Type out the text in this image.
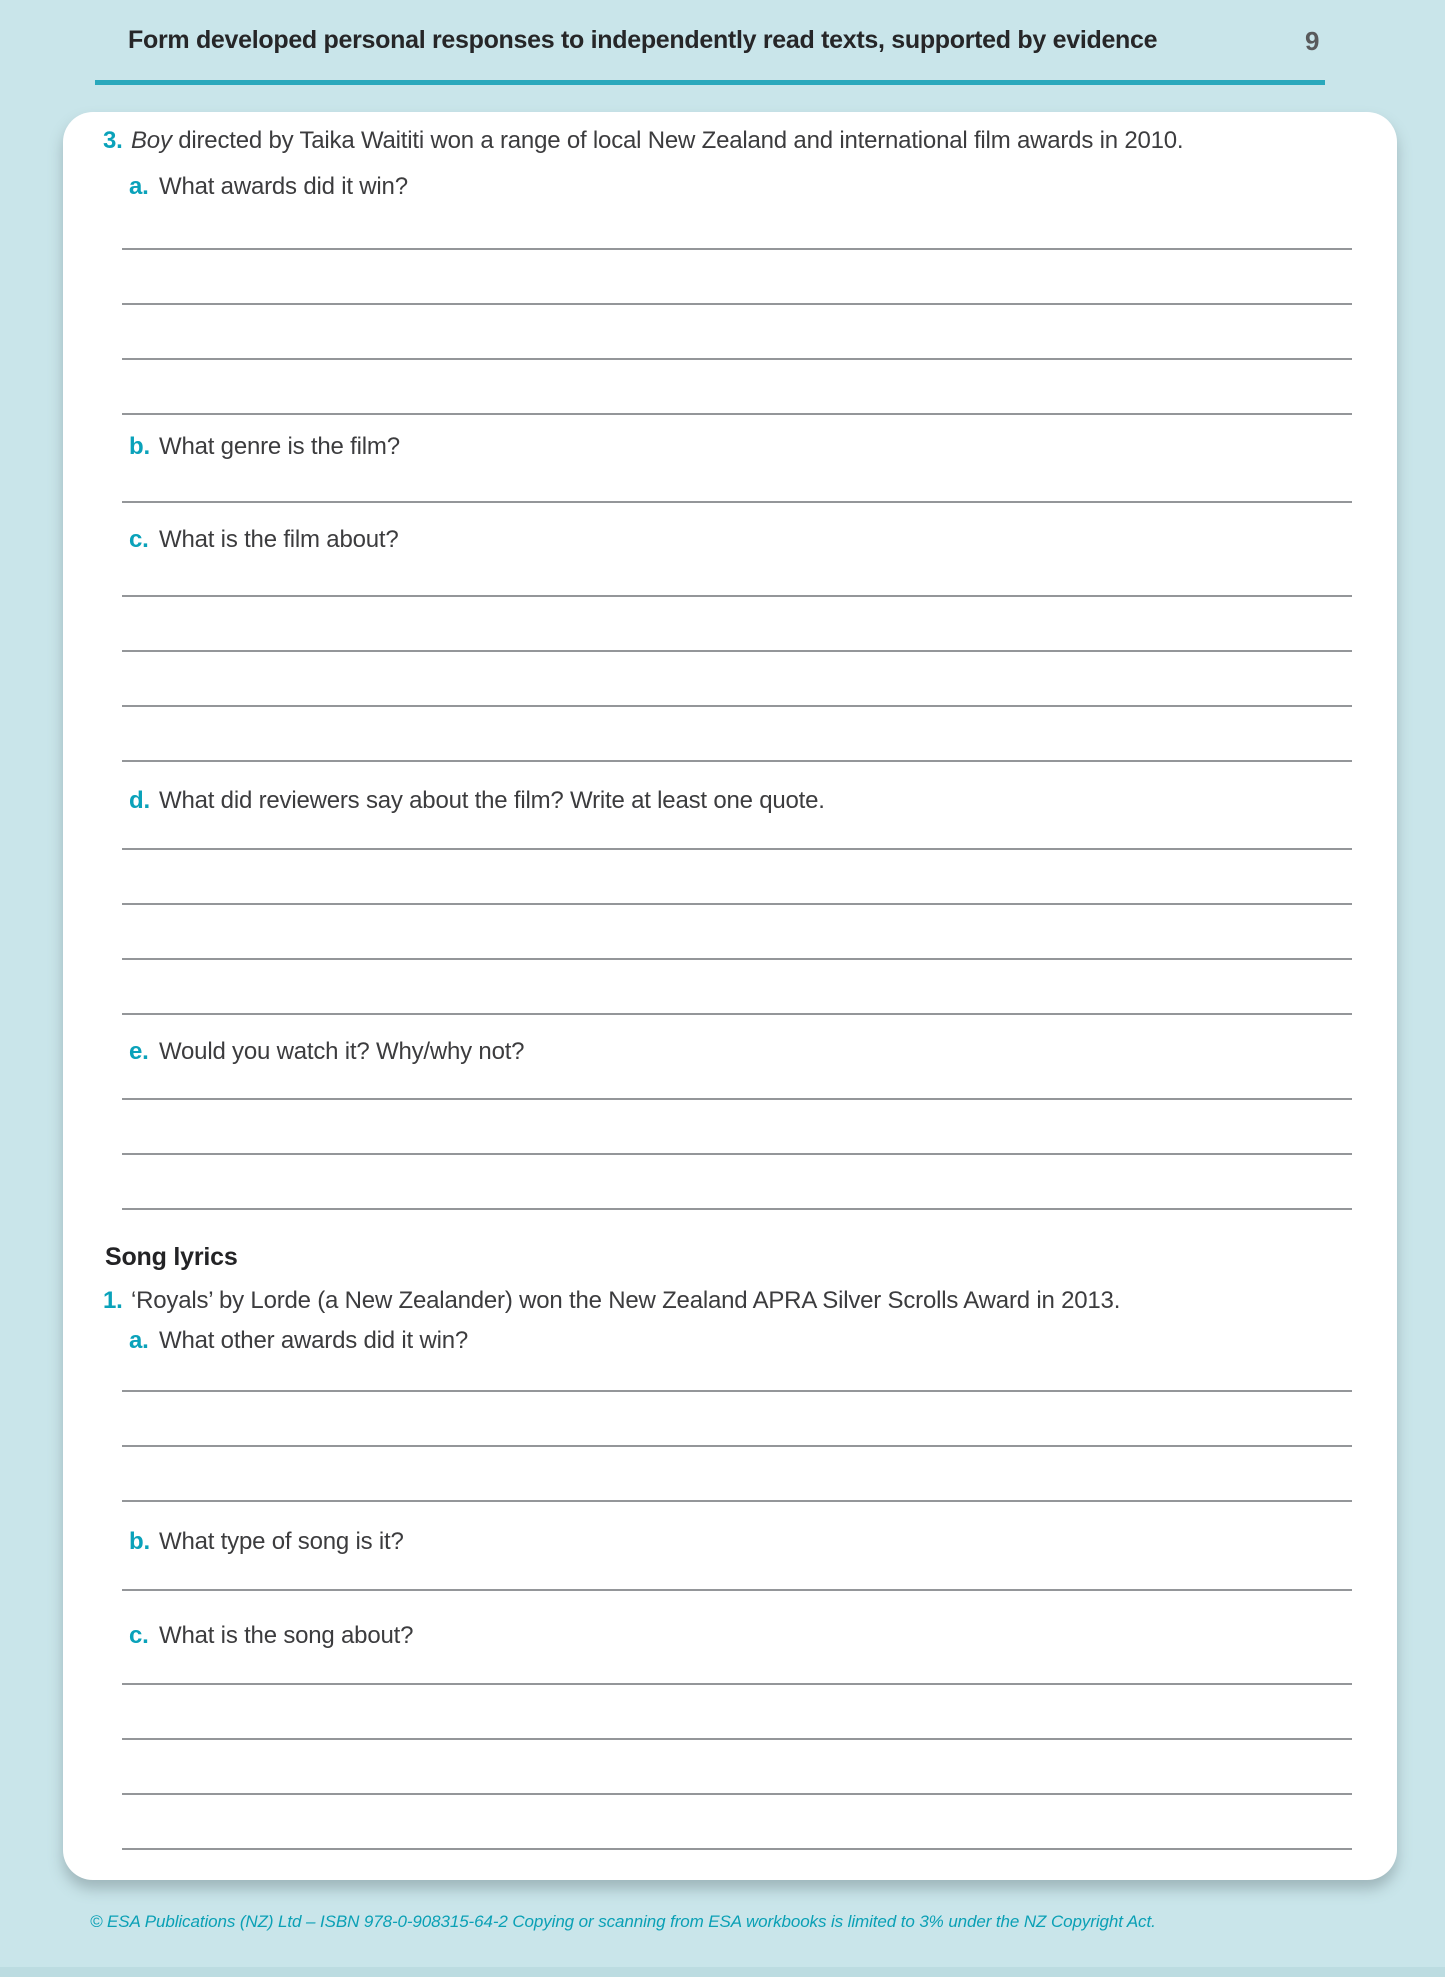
Form developed personal responses to independently read texts, supported by evidence	9
3. Boy directed by Taika Waititi won a range of local New Zealand and international film awards in 2010.
a. What awards did it win?
b. What genre is the film?
c. What is the film about?
d. What did reviewers say about the film? Write at least one quote.
e. Would you watch it? Why/why not?
Song lyrics
1. ‘Royals’ by Lorde (a New Zealander) won the New Zealand APRA Silver Scrolls Award in 2013.
a. What other awards did it win?
b. What type of song is it?
c. What is the song about?
© ESA Publications (NZ) Ltd – ISBN 978-0-908315-64-2 Copying or scanning from ESA workbooks is limited to 3% under the NZ Copyright Act.
